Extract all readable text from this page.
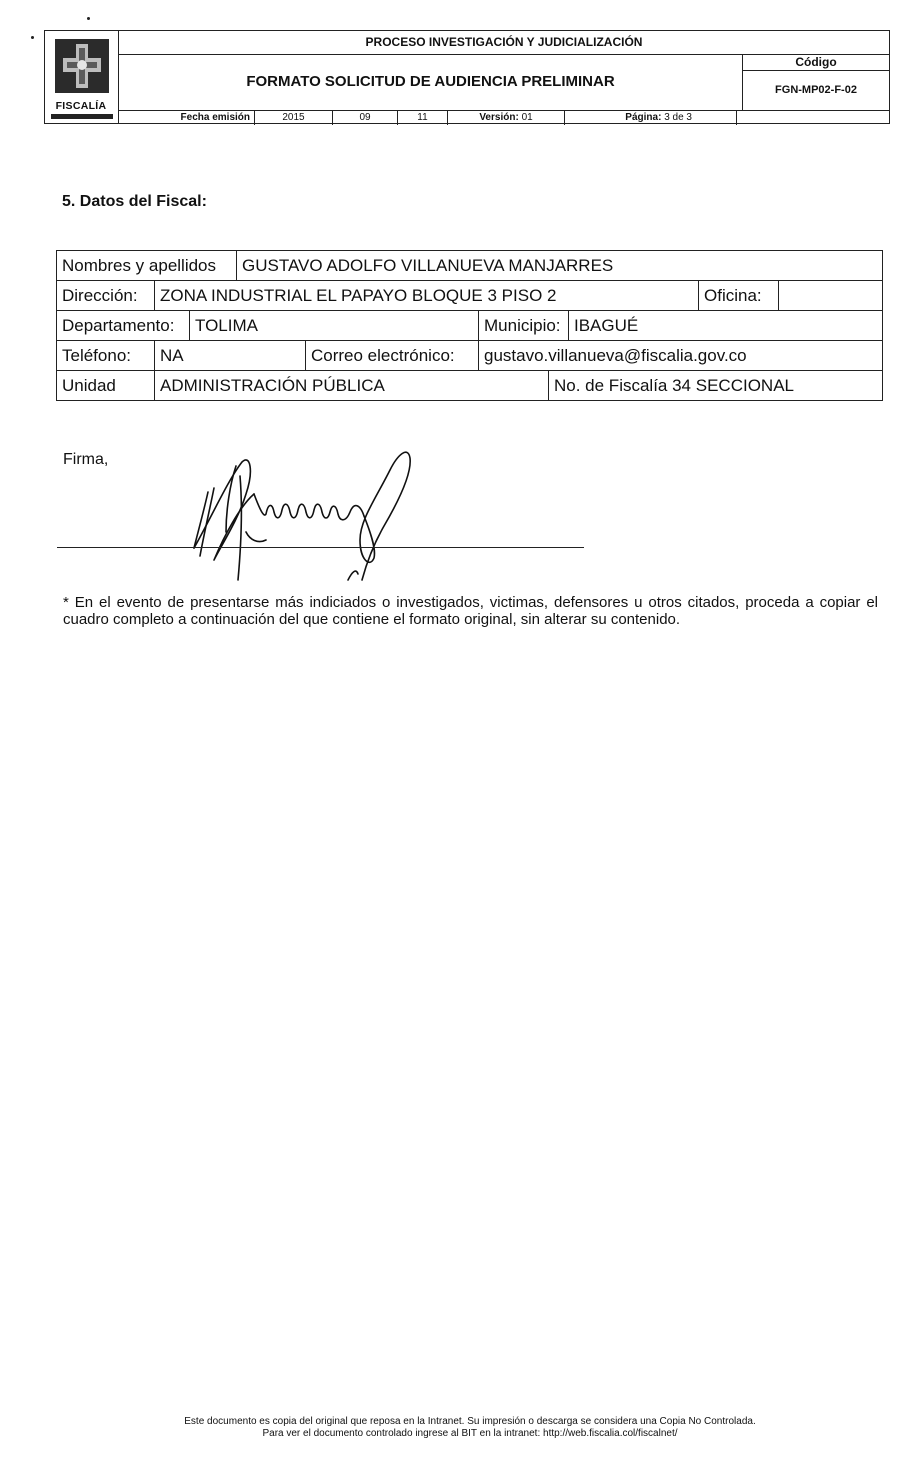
FISCALÍA
PROCESO INVESTIGACIÓN Y JUDICIALIZACIÓN
FORMATO SOLICITUD DE AUDIENCIA PRELIMINAR
Código
FGN-MP02-F-02
Fecha emisión	2015	09	11	Versión: 01	Página: 3 de 3
5. Datos del Fiscal:
Nombres y apellidos	GUSTAVO ADOLFO VILLANUEVA MANJARRES
Dirección:	ZONA INDUSTRIAL EL PAPAYO BLOQUE 3 PISO 2	Oficina:
Departamento:	TOLIMA	Municipio: IBAGUÉ
Teléfono:	NA	Correo electrónico:	gustavo.villanueva@fiscalia.gov.co
Unidad	ADMINISTRACIÓN PÚBLICA	No. de Fiscalía 34 SECCIONAL
Firma,
* En el evento de presentarse más indiciados o investigados, victimas, defensores u otros citados, proceda a copiar el cuadro completo a continuación del que contiene el formato original, sin alterar su contenido.
Este documento es copia del original que reposa en la Intranet. Su impresión o descarga se considera una Copia No Controlada.
Para ver el documento controlado ingrese al BIT en la intranet: http://web.fiscalia.col/fiscalnet/
